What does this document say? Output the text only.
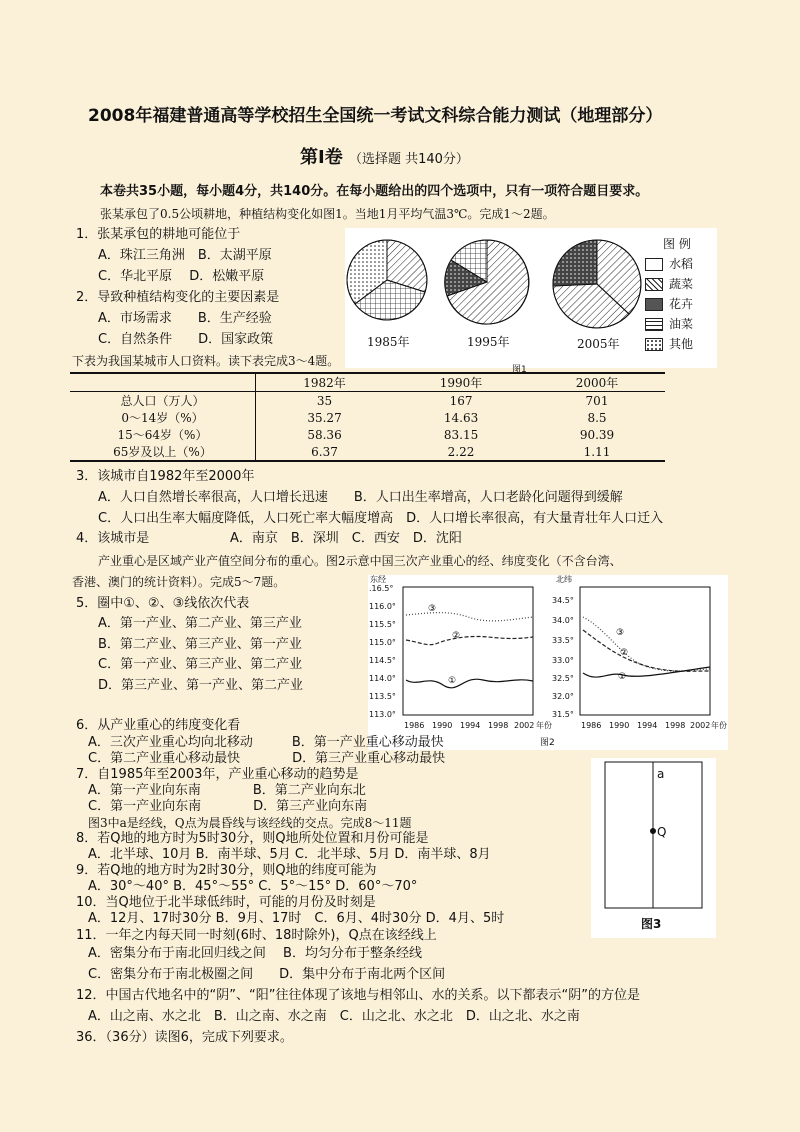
2008年福建普通高等学校招生全国统一考试文科综合能力测试（地理部分）
第I卷 （选择题 共140分）
本卷共35小题，每小题4分，共140分。在每小题给出的四个选项中，只有一项符合题目要求。
张某承包了0.5公顷耕地，种植结构变化如图1。当地1月平均气温3℃。完成1～2题。
1．张某承包的耕地可能位于
A．珠江三角洲　B．太湖平原
C．华北平原　 D．松嫩平原
2．导致种植结构变化的主要因素是
A．市场需求　　B．生产经验
C．自然条件　　D．国家政策	1985年	1995年	2005年
图 例
水稻
蔬菜
花卉
油菜
其他
图1
下表为我国某城市人口资料。读下表完成3～4题。
	1982年	1990年	2000年
总人口（万人）	35	167	701
0～14岁（%）	35.27	14.63	8.5
15～64岁（%）	58.36	83.15	90.39
65岁及以上（%）	6.37	2.22	1.11
3．该城市自1982年至2000年
A．人口自然增长率很高，人口增长迅速　　B．人口出生率增高，人口老龄化问题得到缓解
C．人口出生率大幅度降低，人口死亡率大幅度增高　D．人口增长率很高，有大量青壮年人口迁入
4．该城市是	A．南京　B．深圳　C．西安　D．沈阳
产业重心是区域产业产值空间分布的重心。图2示意中国三次产业重心的经、纬度变化（不含台湾、
香港、澳门的统计资料）。完成5～7题。
5．圈中①、②、③线依次代表
A．第一产业、第二产业、第三产业
B．第二产业、第三产业、第一产业
C．第一产业、第三产业、第二产业
D．第三产业、第一产业、第二产业
③
②
①
③
②
①
东经
.16.5°
116.0°
115.5°
115.0°
114.5°
114.0°
113.5°
113.0°
1986 1990 1994 1998 2002 年份
北纬
34.5°
34.0°
33.5°
33.0°
32.5°
32.0°
31.5°
1986 1990 1994 1998 2002 年份
图2
6．从产业重心的纬度变化看
A．三次产业重心均向北移动　　　B．第一产业重心移动最快
C．第二产业重心移动最快　　　　D．第三产业重心移动最快
7．自1985年至2003年，产业重心移动的趋势是
A．第一产业向东南　　　　B．第二产业向东北
C．第一产业向东南　　　　D．第三产业向东南
图3中a是经线，Q点为晨昏线与该经线的交点。完成8～11题
8．若Q地的地方时为5时30分，则Q地所处位置和月份可能是
A．北半球、10月 B．南半球、5月 C．北半球、5月 D．南半球、8月
9．若Q地的地方时为2时30分，则Q地的纬度可能为
A．30°～40° B．45°～55° C．5°～15° D．60°～70°
10．当Q地位于北半球低纬时，可能的月份及时刻是
A．12月、17时30分 B．9月、17时　C．6月、4时30分 D．4月、5时
11．一年之内每天同一时刻(6时、18时除外)，Q点在该经线上
A．密集分布于南北回归线之间　 B．均匀分布于整条经线
C．密集分布于南北极圈之间　　D．集中分布于南北两个区间
a
Q
图3
12．中国古代地名中的“阴”、“阳”往往体现了该地与相邻山、水的关系。以下都表示“阴”的方位是
A．山之南、水之北　B．山之南、水之南　C．山之北、水之北　D．山之北、水之南
36．（36分）读图6，完成下列要求。
